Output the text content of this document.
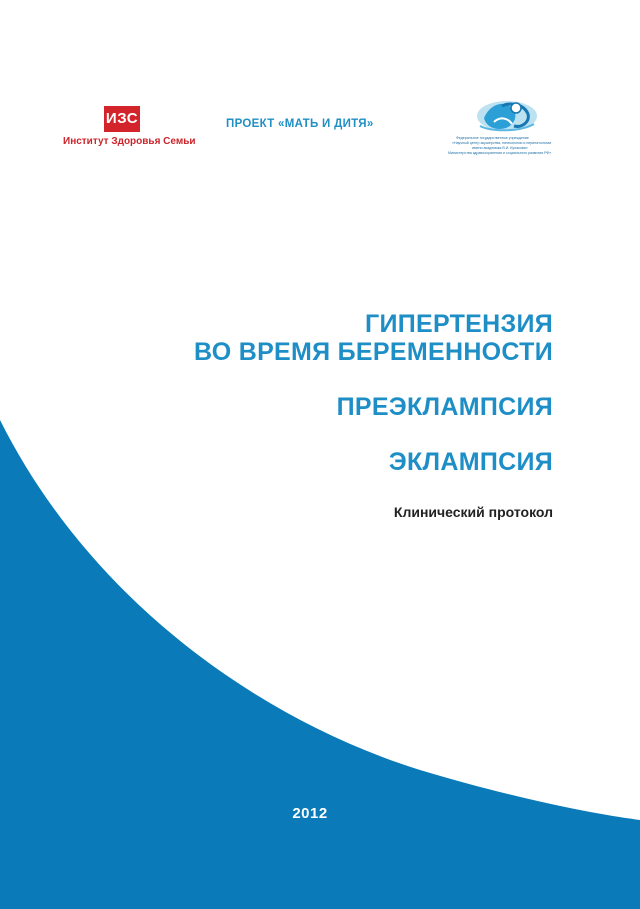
ИЗС
Институт Здоровья Семьи
ПРОЕКТ «МАТЬ И ДИТЯ»
Федеральное государственное учреждение
«Научный центр акушерства, гинекологии и перинатологии
имени академика В.И. Кулакова»
Министерства здравоохранения и социального развития РФ»
ГИПЕРТЕНЗИЯ
ВО ВРЕМЯ БЕРЕМЕННОСТИ
ПРЕЭКЛАМПСИЯ
ЭКЛАМПСИЯ
Клинический протокол
2012
